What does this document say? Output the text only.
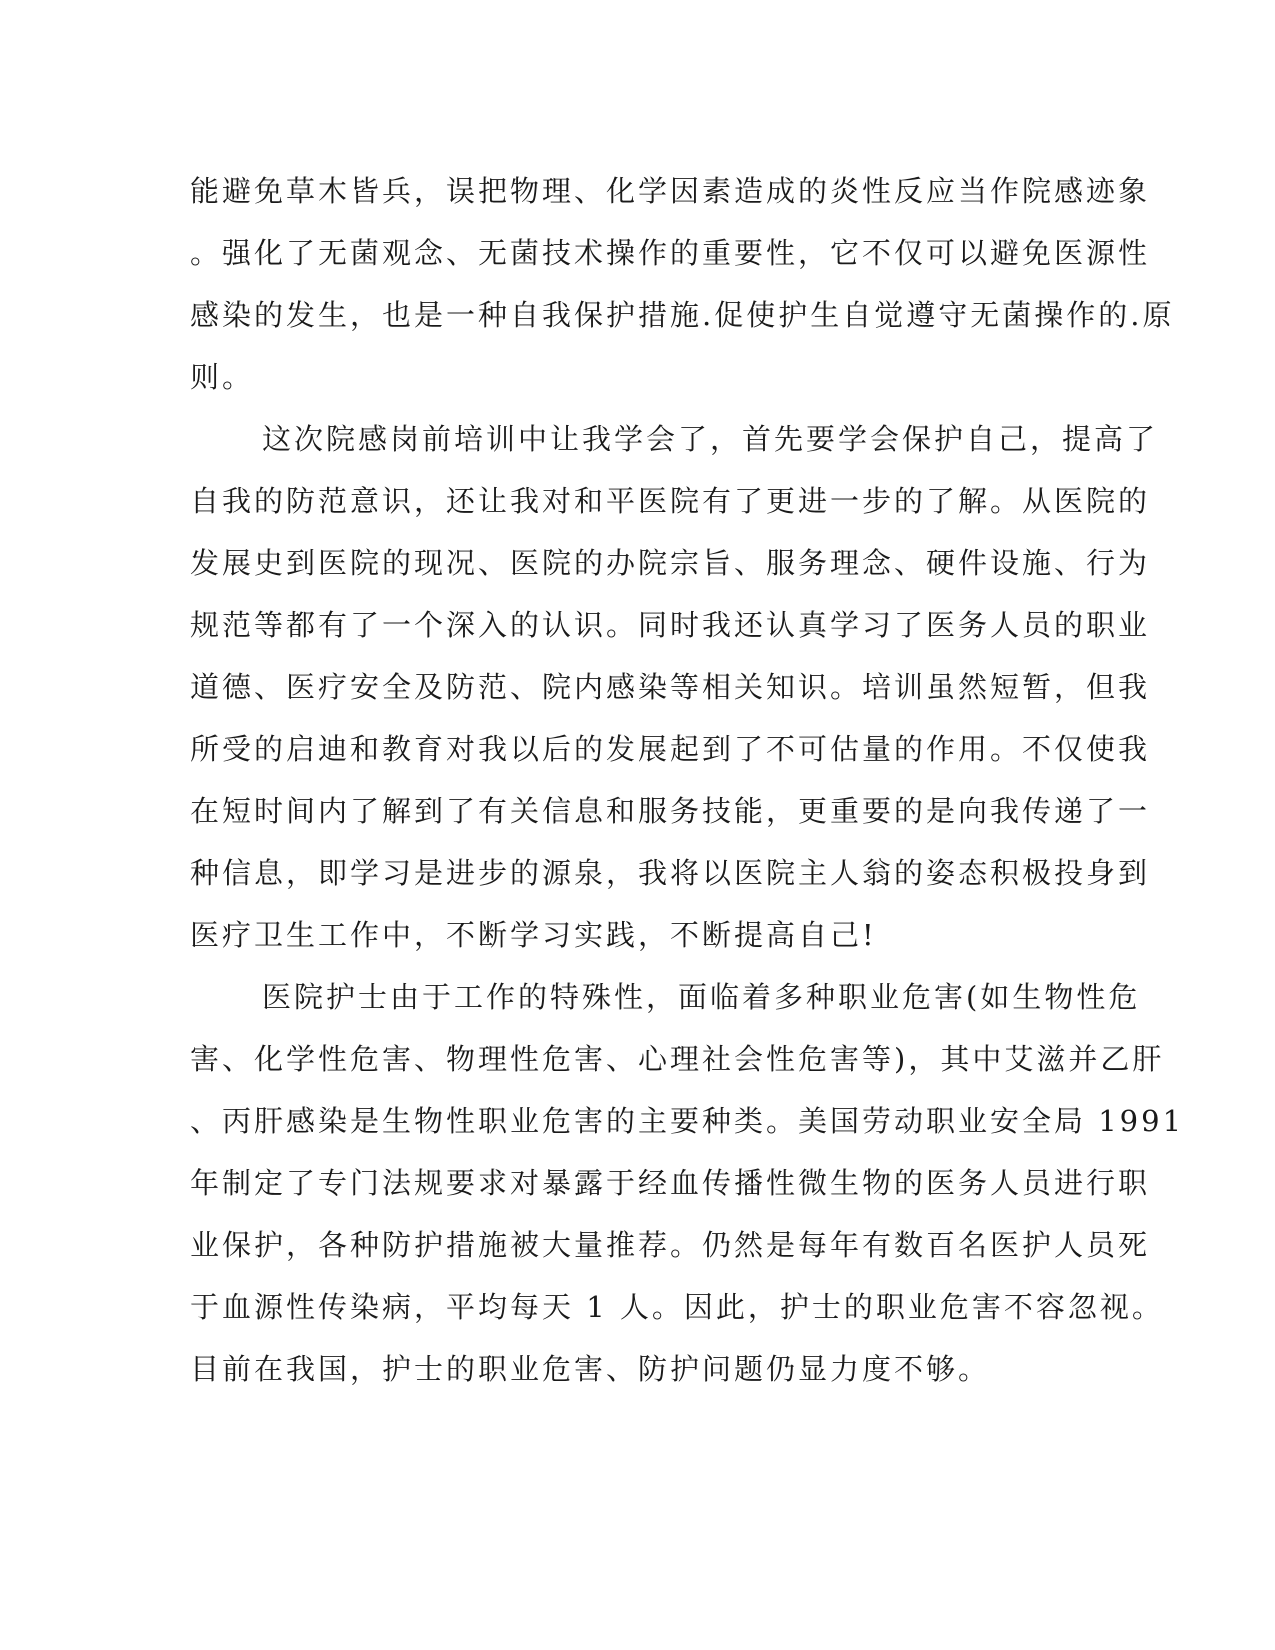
能避免草木皆兵，误把物理、化学因素造成的炎性反应当作院感迹象
。强化了无菌观念、无菌技术操作的重要性，它不仅可以避免医源性
感染的发生，也是一种自我保护措施.促使护生自觉遵守无菌操作的.原
则。
这次院感岗前培训中让我学会了，首先要学会保护自己，提高了
自我的防范意识，还让我对和平医院有了更进一步的了解。从医院的
发展史到医院的现况、医院的办院宗旨、服务理念、硬件设施、行为
规范等都有了一个深入的认识。同时我还认真学习了医务人员的职业
道德、医疗安全及防范、院内感染等相关知识。培训虽然短暂，但我
所受的启迪和教育对我以后的发展起到了不可估量的作用。不仅使我
在短时间内了解到了有关信息和服务技能，更重要的是向我传递了一
种信息，即学习是进步的源泉，我将以医院主人翁的姿态积极投身到
医疗卫生工作中，不断学习实践，不断提高自己!
医院护士由于工作的特殊性，面临着多种职业危害(如生物性危
害、化学性危害、物理性危害、心理社会性危害等)，其中艾滋并乙肝
、丙肝感染是生物性职业危害的主要种类。美国劳动职业安全局 1991
年制定了专门法规要求对暴露于经血传播性微生物的医务人员进行职
业保护，各种防护措施被大量推荐。仍然是每年有数百名医护人员死
于血源性传染病，平均每天 1 人。因此，护士的职业危害不容忽视。
目前在我国，护士的职业危害、防护问题仍显力度不够。
